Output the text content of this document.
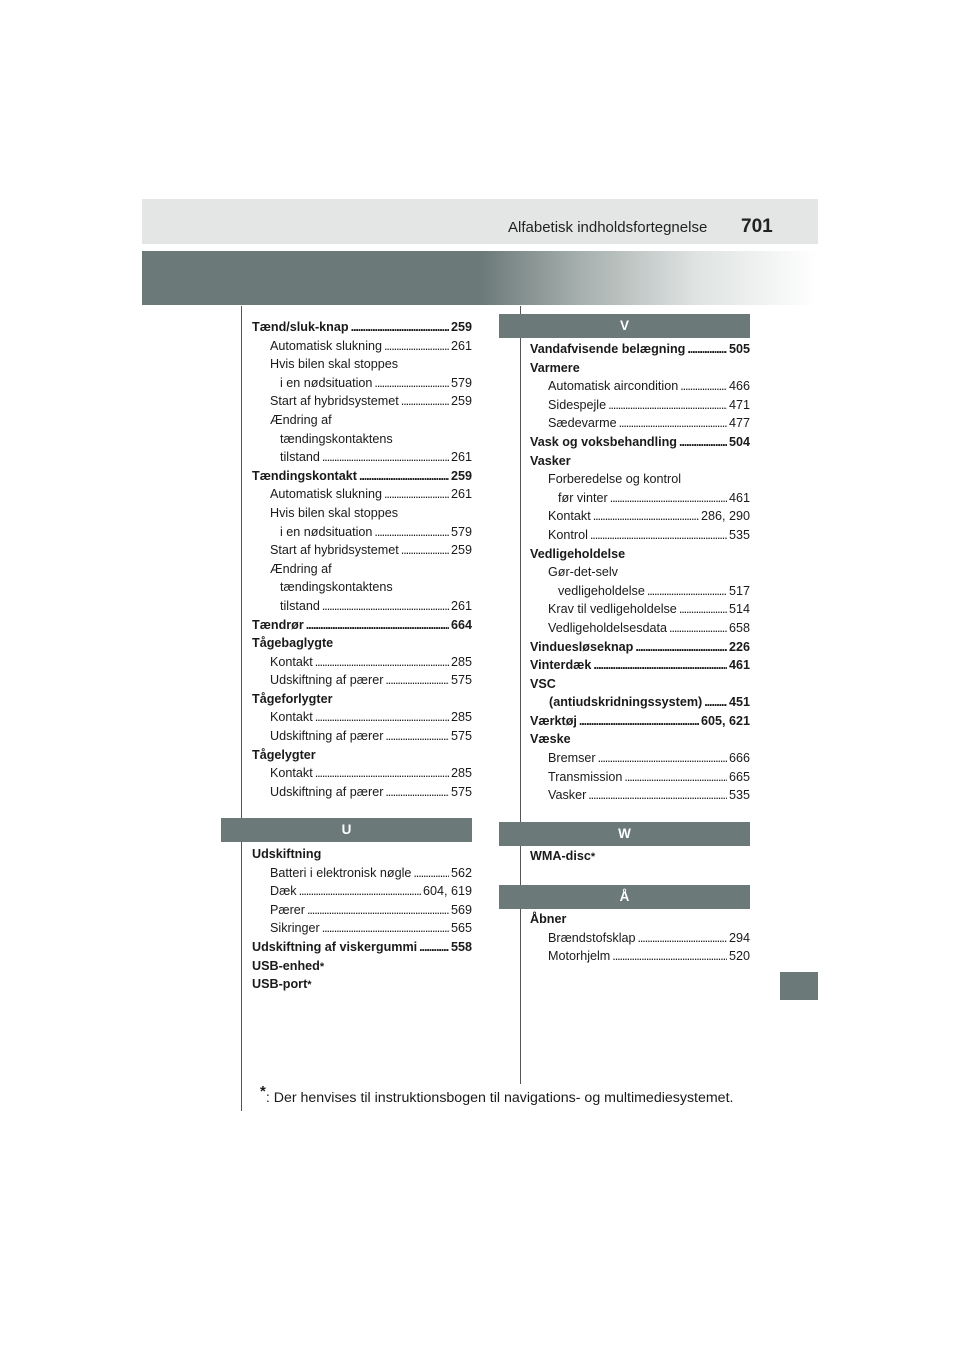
Alfabetisk indholdsfortegnelse 701
Tænd/sluk-knap . . .	259
Automatisk slukning . . .	261
Hvis bilen skal stoppes
i en nødsituation . . .	579
Start af hybridsystemet . . .	259
Ændring af
tændingskontaktens
tilstand . . .	261
Tændingskontakt . . .	259
Automatisk slukning . . .	261
Hvis bilen skal stoppes
i en nødsituation . . .	579
Start af hybridsystemet . . .	259
Ændring af
tændingskontaktens
tilstand . . .	261
Tændrør . . .	664
Tågebaglygte
Kontakt . . .	285
Udskiftning af pærer . . .	575
Tågeforlygter
Kontakt . . .	285
Udskiftning af pærer . . .	575
Tågelygter
Kontakt . . .	285
Udskiftning af pærer . . .	575
U
Udskiftning
Batteri i elektronisk nøgle . . .	562
Dæk . . .	604, 619
Pærer . . .	569
Sikringer . . .	565
Udskiftning af viskergummi . . .	558
USB-enhed *
USB-port *
V
Vandafvisende belægning . . .	505
Varmere
Automatisk aircondition . . .	466
Sidespejle . . .	471
Sædevarme . . .	477
Vask og voksbehandling . . .	504
Vasker
Forberedelse og kontrol
før vinter . . .	461
Kontakt . . .	286, 290
Kontrol . . .	535
Vedligeholdelse
Gør-det-selv
vedligeholdelse . . .	517
Krav til vedligeholdelse . . .	514
Vedligeholdelsesdata . . .	658
Vinduesløseknap . . .	226
Vinterdæk . . .	461
VSC
(antiudskridningssystem) . . . 451
Værktøj . . .	605, 621
Væske
Bremser . . .	666
Transmission . . .	665
Vasker . . .	535
W
WMA-disc *
Å
Åbner
Brændstofsklap . . .	294
Motorhjelm . . .	520
*: Der henvises til instruktionsbogen til navigations- og multimediesystemet.
